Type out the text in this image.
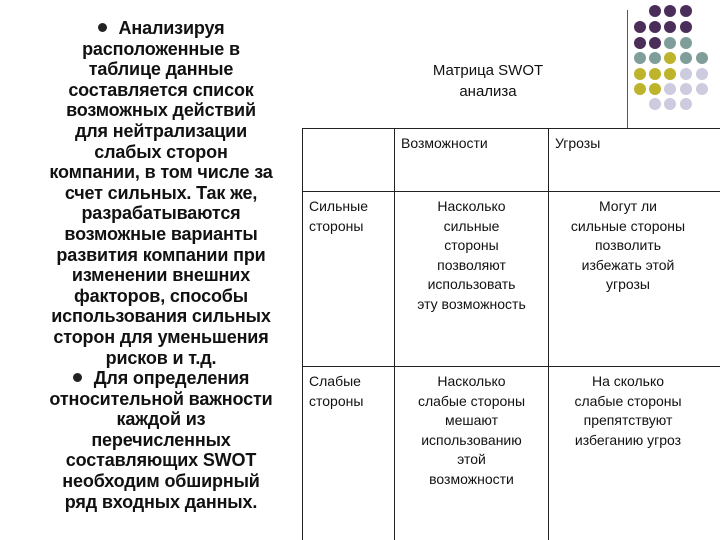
Анализируя
расположенные в
таблице данные
составляется список
возможных действий
для нейтрализации
слабых сторон
компании, в том числе за
счет сильных. Так же,
разрабатываются
возможные варианты
развития компании при
изменении внешних
факторов, способы
использования сильных
сторон для уменьшения
рисков и т.д.

Для определения
относительной важности
каждой из
перечисленных
составляющих SWOT
необходим обширный
ряд входных данных.

Матрица SWOT
анализа
Возможности	Угрозы
Сильные
стороны
Слабые
стороны
Насколько
сильные
стороны
позволяют
использовать
эту возможность
Могут ли
сильные стороны
позволить
избежать этой
угрозы
Насколько
слабые стороны
мешают
использованию
этой
возможности
На сколько
слабые стороны
препятствуют
избеганию угроз
